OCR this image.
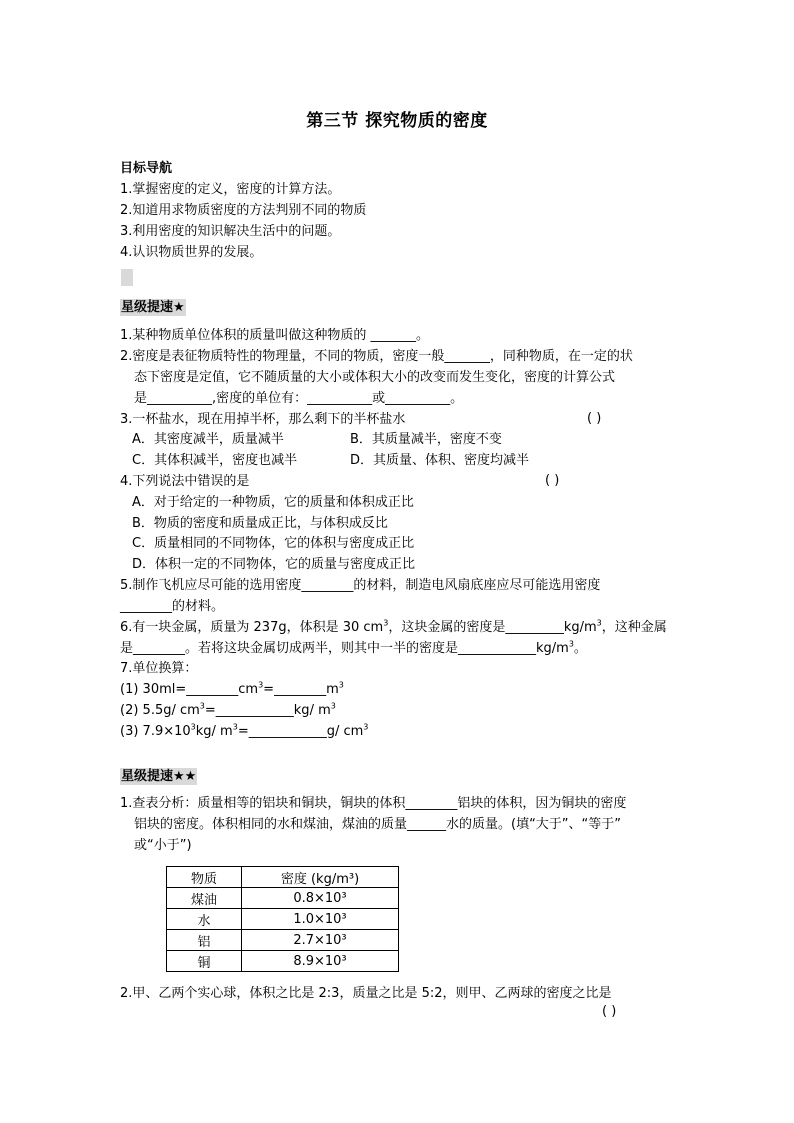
第三节 探究物质的密度
目标导航
1.掌握密度的定义，密度的计算方法。
2.知道用求物质密度的方法判别不同的物质
3.利用密度的知识解决生活中的问题。
4.认识物质世界的发展。
星级提速★
1.某种物质单位体积的质量叫做这种物质的 _______。
2.密度是表征物质特性的物理量，不同的物质，密度一般_______，同种物质，在一定的状
态下密度是定值，它不随质量的大小或体积大小的改变而发生变化，密度的计算公式
是__________,密度的单位有：__________或__________。
3.一杯盐水，现在用掉半杯，那么剩下的半杯盐水	( )
A．其密度减半，质量减半	B．其质量减半，密度不变
C．其体积减半，密度也减半	D．其质量、体积、密度均减半
4.下列说法中错误的是	( )
A．对于给定的一种物质，它的质量和体积成正比
B．物质的密度和质量成正比，与体积成反比
C．质量相同的不同物体，它的体积与密度成正比
D．体积一定的不同物体，它的质量与密度成正比
5.制作飞机应尽可能的选用密度________的材料，制造电风扇底座应尽可能选用密度
________的材料。
6.有一块金属，质量为 237g，体积是 30 $cm^3$，这块金属的密度是$\_\_\_\_\_\_\_\_\_kg/m^3$，这种金属
是________。若将这块金属切成两半，则其中一半的密度是$\_\_\_\_\_\_\_\_\_\_\_\_kg/m^3$。
7.单位换算：
(1) $30ml=\_\_\_\_\_\_\_\_cm^3=\_\_\_\_\_\_\_\_m^3$
(2) 5.5g/ $cm^3=\_\_\_\_\_\_\_\_\_\_\_\_kg/$ $m^3$
(3) $7.9\times 10^3kg/$ $m^3=\_\_\_\_\_\_\_\_\_\_\_\_g/$ $cm^3$
星级提速★★
1.查表分析：质量相等的铝块和铜块，铜块的体积________铝块的体积，因为铜块的密度
铝块的密度。体积相同的水和煤油，煤油的质量______水的质量。(填“大于”、“等于”
或“小于”)
物质	密度 (kg/m³)
煤油	0.8×10³
水	1.0×10³
铝	2.7×10³
铜	8.9×10³
2.甲、乙两个实心球，体积之比是 2:3，质量之比是 5:2，则甲、乙两球的密度之比是
( )
